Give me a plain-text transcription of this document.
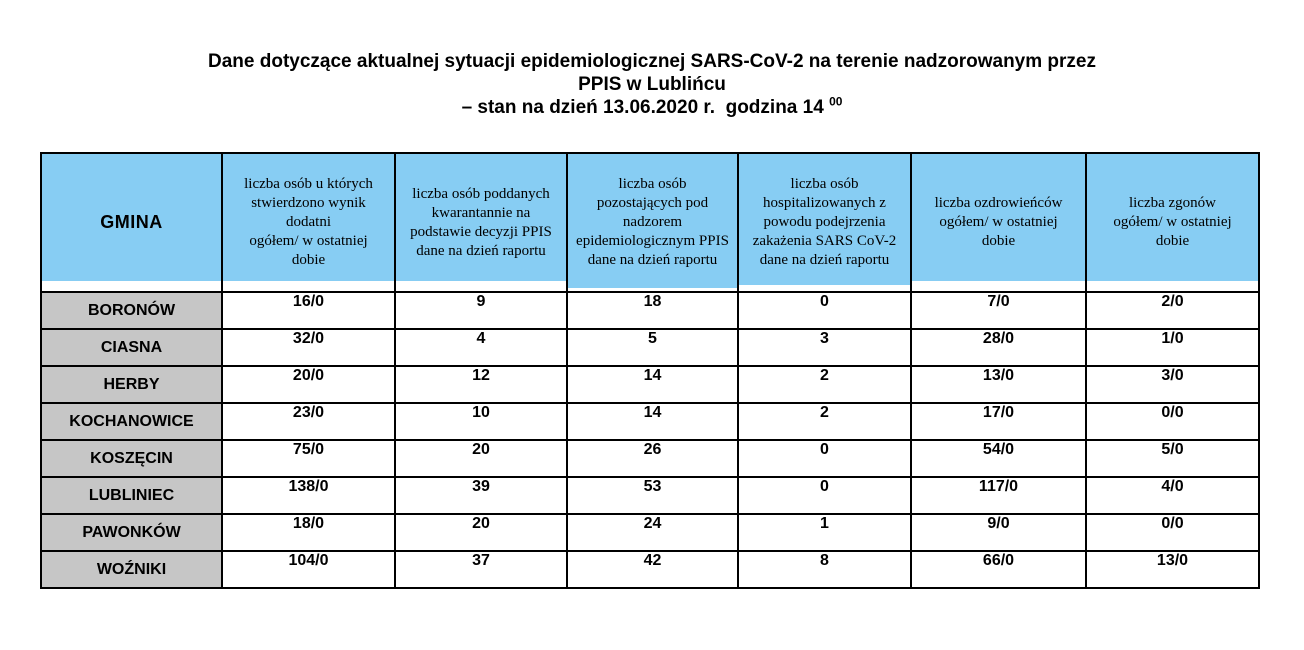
Dane dotyczące aktualnej sytuacji epidemiologicznej SARS-CoV-2 na terenie nadzorowanym przez
PPIS w Lublińcu
– stan na dzień 13.06.2020 r.  godzina 14 $^{00}$
GMINA	liczba osób u których
stwierdzono wynik
dodatni
ogółem/ w ostatniej
dobie	liczba osób poddanych
kwarantannie na
podstawie decyzji PPIS
dane na dzień raportu	liczba osób
pozostających pod
nadzorem
epidemiologicznym PPIS
dane na dzień raportu	liczba osób
hospitalizowanych z
powodu podejrzenia
zakażenia SARS CoV-2
dane na dzień raportu	liczba ozdrowieńców
ogółem/ w ostatniej
dobie	liczba zgonów
ogółem/ w ostatniej
dobie
BORONÓW	16/0	9	18	0	7/0	2/0
CIASNA	32/0	4	5	3	28/0	1/0
HERBY	20/0	12	14	2	13/0	3/0
KOCHANOWICE	23/0	10	14	2	17/0	0/0
KOSZĘCIN	75/0	20	26	0	54/0	5/0
LUBLINIEC	138/0	39	53	0	117/0	4/0
PAWONKÓW	18/0	20	24	1	9/0	0/0
WOŹNIKI	104/0	37	42	8	66/0	13/0
